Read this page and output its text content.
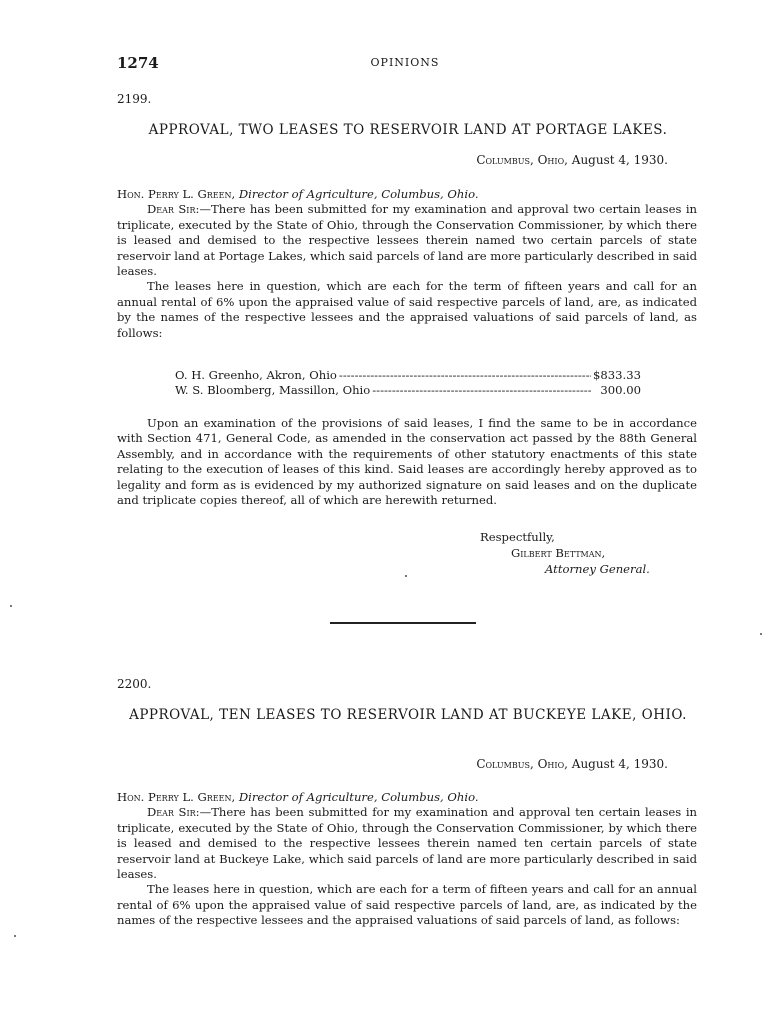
1274	OPINIONS
2199.
APPROVAL, TWO LEASES TO RESERVOIR LAND AT PORTAGE LAKES.
Columbus, Ohio, August 4, 1930.

Hon. Perry L. Green, Director of Agriculture, Columbus, Ohio.

Dear Sir:—There has been submitted for my examination and approval two certain leases in triplicate, executed by the State of Ohio, through the Conservation Commissioner, by which there is leased and demised to the respective lessees therein named two certain parcels of state reservoir land at Portage Lakes, which said parcels of land are more particularly described in said leases.

The leases here in question, which are each for the term of fifteen years and call for an annual rental of 6% upon the appraised value of said respective parcels of land, are, as indicated by the names of the respective lessees and the appraised valuations of said parcels of land, as follows:

O. H. Greenho, Akron, Ohio -----	$833.33
W. S. Bloomberg, Massillon, Ohio -----	300.00

Upon an examination of the provisions of said leases, I find the same to be in accordance with Section 471, General Code, as amended in the conservation act passed by the 88th General Assembly, and in accordance with the requirements of other statutory enactments of this state relating to the execution of leases of this kind. Said leases are accordingly hereby approved as to legality and form as is evidenced by my authorized signature on said leases and on the duplicate and triplicate copies thereof, all of which are herewith returned.

Respectfully,
Gilbert Bettman,
Attorney General.
2200.
APPROVAL, TEN LEASES TO RESERVOIR LAND AT BUCKEYE LAKE, OHIO.
Columbus, Ohio, August 4, 1930.

Hon. Perry L. Green, Director of Agriculture, Columbus, Ohio.

Dear Sir:—There has been submitted for my examination and approval ten certain leases in triplicate, executed by the State of Ohio, through the Conservation Commissioner, by which there is leased and demised to the respective lessees therein named ten certain parcels of state reservoir land at Buckeye Lake, which said parcels of land are more particularly described in said leases.

The leases here in question, which are each for a term of fifteen years and call for an annual rental of 6% upon the appraised value of said respective parcels of land, are, as indicated by the names of the respective lessees and the appraised valuations of said parcels of land, as follows:
